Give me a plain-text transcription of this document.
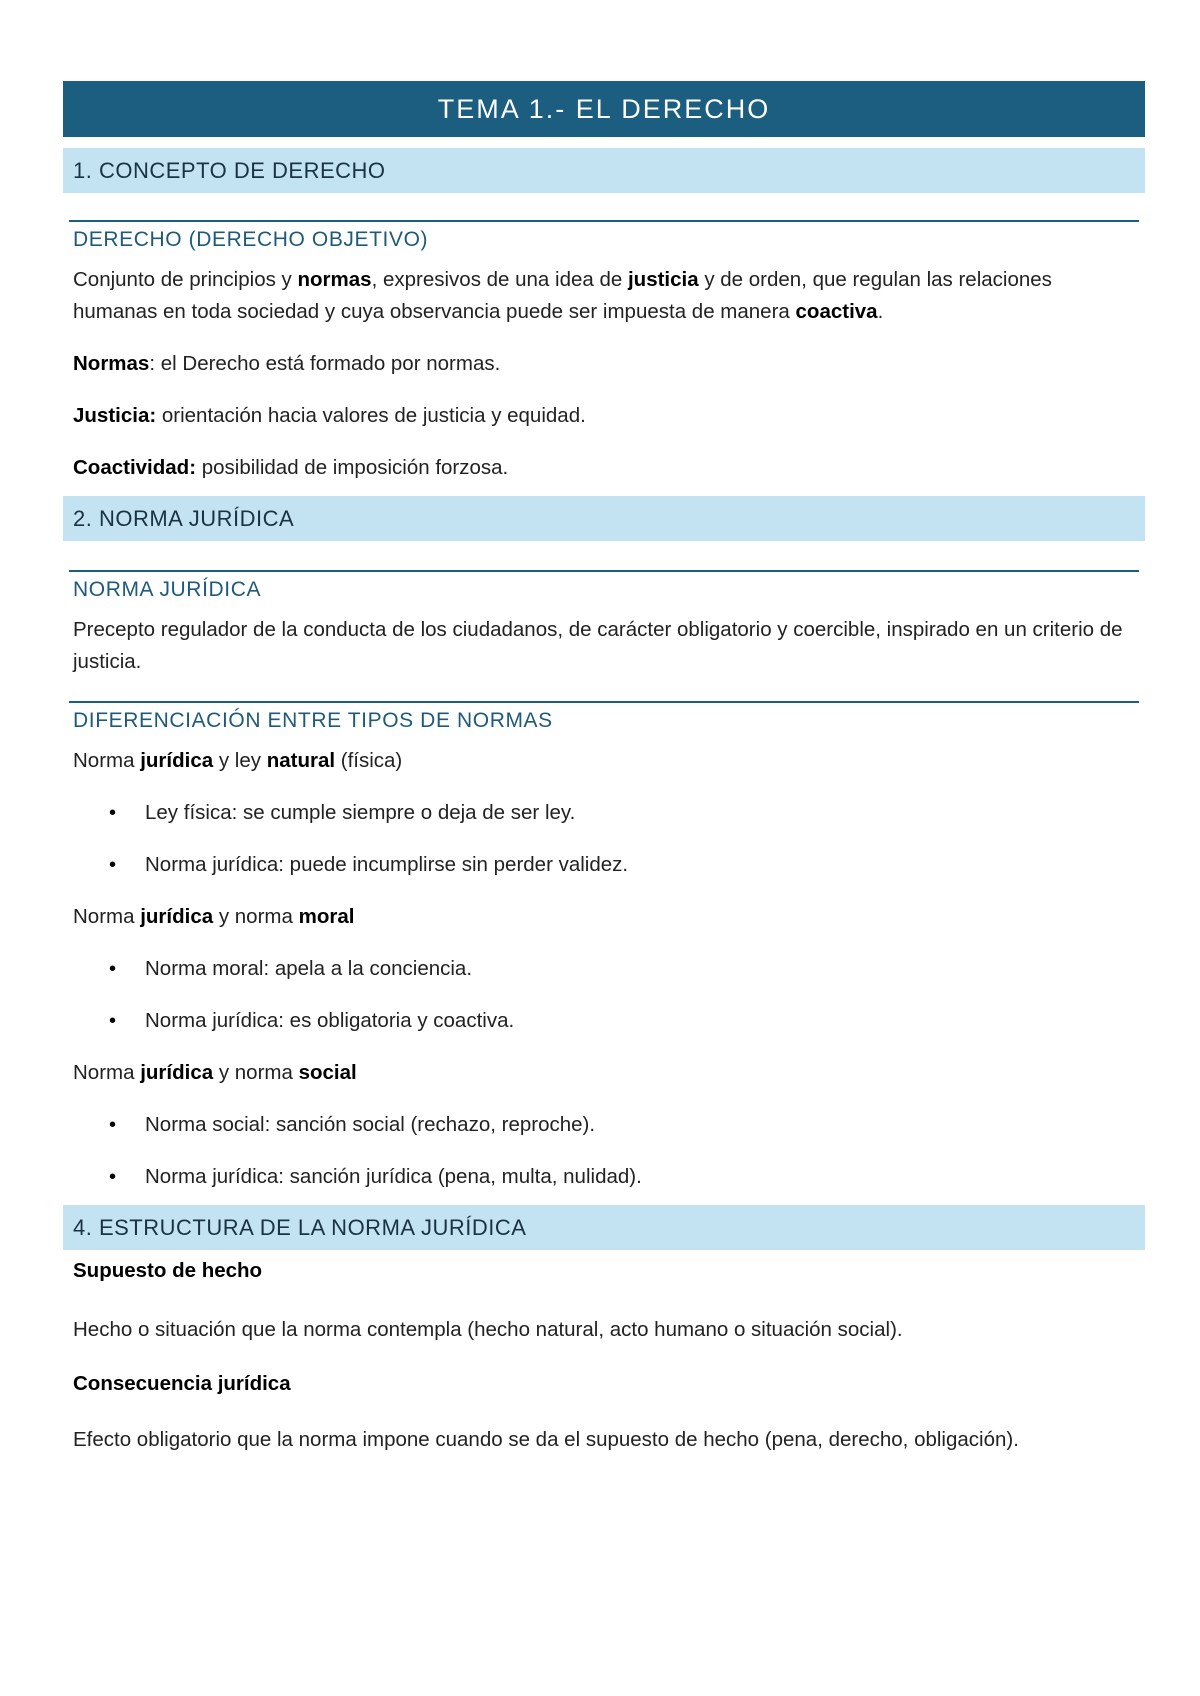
TEMA 1.- EL DERECHO
1. CONCEPTO DE DERECHO
DERECHO (DERECHO OBJETIVO)
Conjunto de principios y normas, expresivos de una idea de justicia y de orden, que regulan las relaciones humanas en toda sociedad y cuya observancia puede ser impuesta de manera coactiva.
Normas: el Derecho está formado por normas.
Justicia: orientación hacia valores de justicia y equidad.
Coactividad: posibilidad de imposición forzosa.
2. NORMA JURÍDICA
NORMA JURÍDICA
Precepto regulador de la conducta de los ciudadanos, de carácter obligatorio y coercible, inspirado en un criterio de justicia.
DIFERENCIACIÓN ENTRE TIPOS DE NORMAS
Norma jurídica y ley natural (física)
• Ley física: se cumple siempre o deja de ser ley.
• Norma jurídica: puede incumplirse sin perder validez.
Norma jurídica y norma moral
• Norma moral: apela a la conciencia.
• Norma jurídica: es obligatoria y coactiva.
Norma jurídica y norma social
• Norma social: sanción social (rechazo, reproche).
• Norma jurídica: sanción jurídica (pena, multa, nulidad).
4. ESTRUCTURA DE LA NORMA JURÍDICA
Supuesto de hecho
Hecho o situación que la norma contempla (hecho natural, acto humano o situación social).
Consecuencia jurídica
Efecto obligatorio que la norma impone cuando se da el supuesto de hecho (pena, derecho, obligación).
